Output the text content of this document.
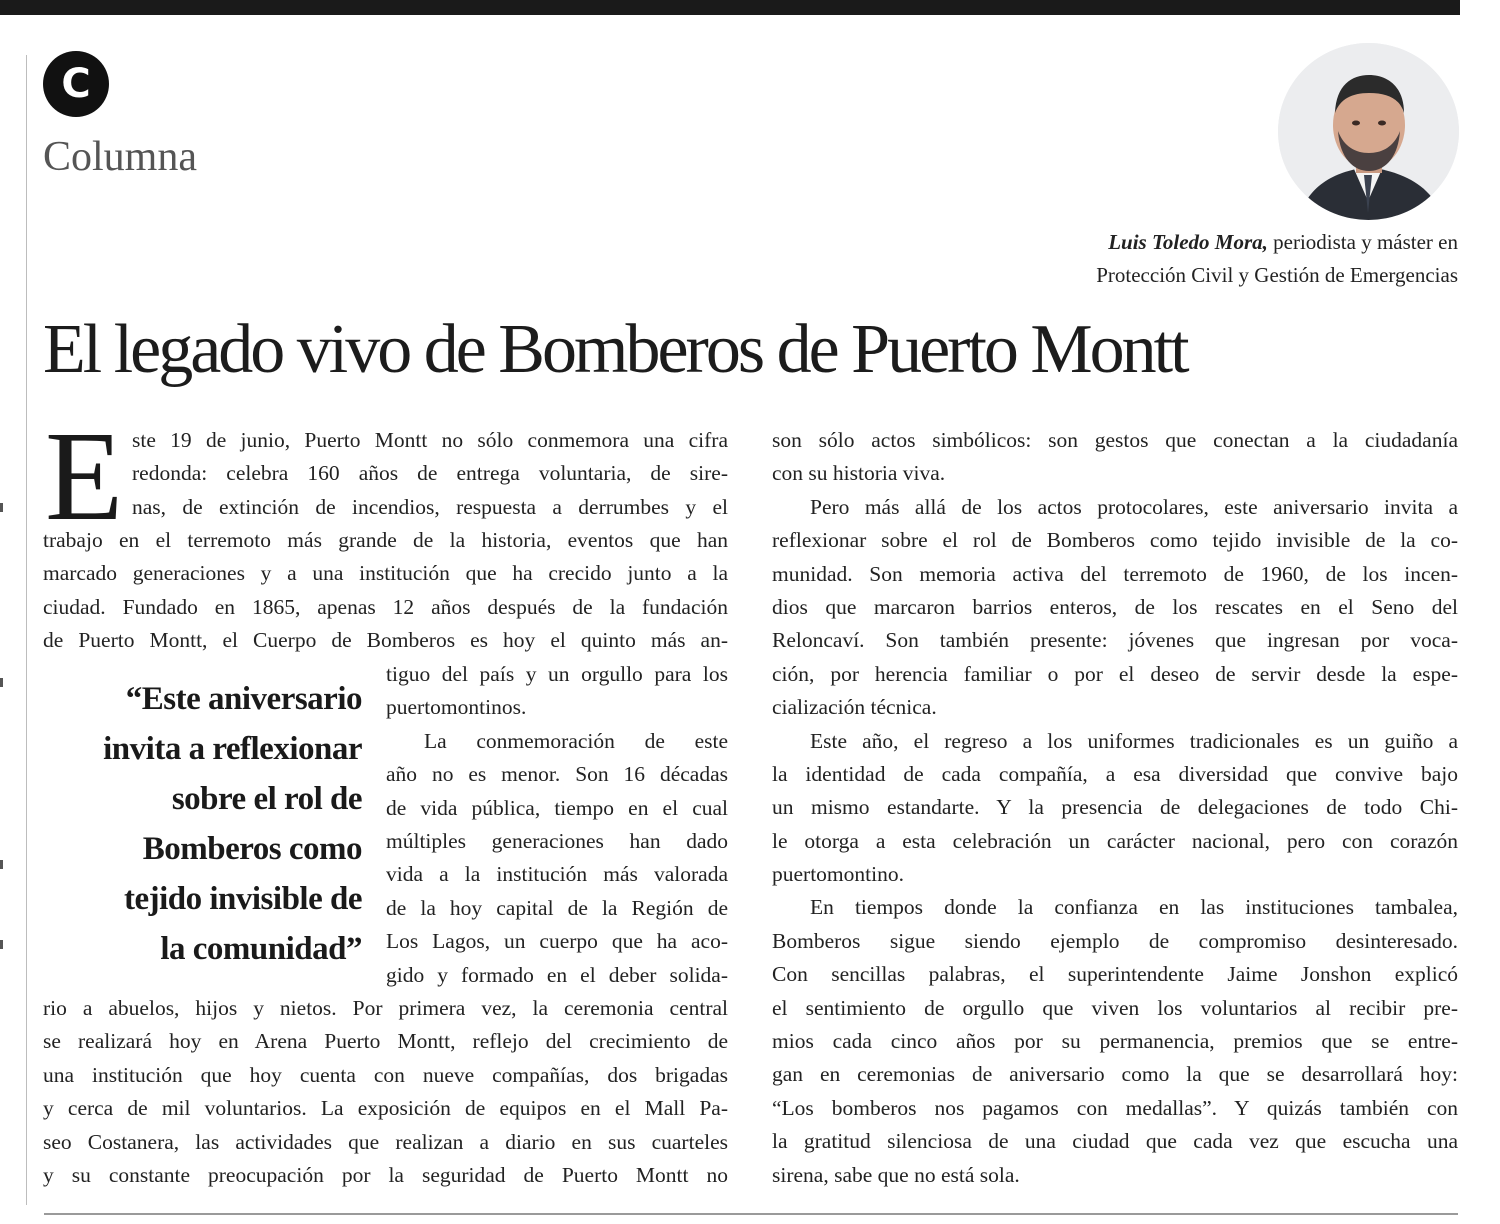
C
Columna
Luis Toledo Mora, periodista y máster en
Protección Civil y Gestión de Emergencias
El legado vivo de Bomberos de Puerto Montt
E ste 19 de junio, Puerto Montt no sólo conmemora una cifra
redonda: celebra 160 años de entrega voluntaria, de sire-
nas, de extinción de incendios, respuesta a derrumbes y el
trabajo en el terremoto más grande de la historia, eventos que han
marcado generaciones y a una institución que ha crecido junto a la
ciudad. Fundado en 1865, apenas 12 años después de la fundación
de Puerto Montt, el Cuerpo de Bomberos es hoy el quinto más an-
tiguo del país y un orgullo para los
puertomontinos.
La conmemoración de este
año no es menor. Son 16 décadas
de vida pública, tiempo en el cual
múltiples generaciones han dado
vida a la institución más valorada
de la hoy capital de la Región de
Los Lagos, un cuerpo que ha aco-
gido y formado en el deber solida-
“Este aniversario
invita a reflexionar
sobre el rol de
Bomberos como
tejido invisible de
la comunidad”
rio a abuelos, hijos y nietos. Por primera vez, la ceremonia central
se realizará hoy en Arena Puerto Montt, reflejo del crecimiento de
una institución que hoy cuenta con nueve compañías, dos brigadas
y cerca de mil voluntarios. La exposición de equipos en el Mall Pa-
seo Costanera, las actividades que realizan a diario en sus cuarteles
y su constante preocupación por la seguridad de Puerto Montt no
son sólo actos simbólicos: son gestos que conectan a la ciudadanía
con su historia viva.
Pero más allá de los actos protocolares, este aniversario invita a
reflexionar sobre el rol de Bomberos como tejido invisible de la co-
munidad. Son memoria activa del terremoto de 1960, de los incen-
dios que marcaron barrios enteros, de los rescates en el Seno del
Reloncaví. Son también presente: jóvenes que ingresan por voca-
ción, por herencia familiar o por el deseo de servir desde la espe-
cialización técnica.
Este año, el regreso a los uniformes tradicionales es un guiño a
la identidad de cada compañía, a esa diversidad que convive bajo
un mismo estandarte. Y la presencia de delegaciones de todo Chi-
le otorga a esta celebración un carácter nacional, pero con corazón
puertomontino.
En tiempos donde la confianza en las instituciones tambalea,
Bomberos sigue siendo ejemplo de compromiso desinteresado.
Con sencillas palabras, el superintendente Jaime Jonshon explicó
el sentimiento de orgullo que viven los voluntarios al recibir pre-
mios cada cinco años por su permanencia, premios que se entre-
gan en ceremonias de aniversario como la que se desarrollará hoy:
“Los bomberos nos pagamos con medallas”. Y quizás también con
la gratitud silenciosa de una ciudad que cada vez que escucha una
sirena, sabe que no está sola.
